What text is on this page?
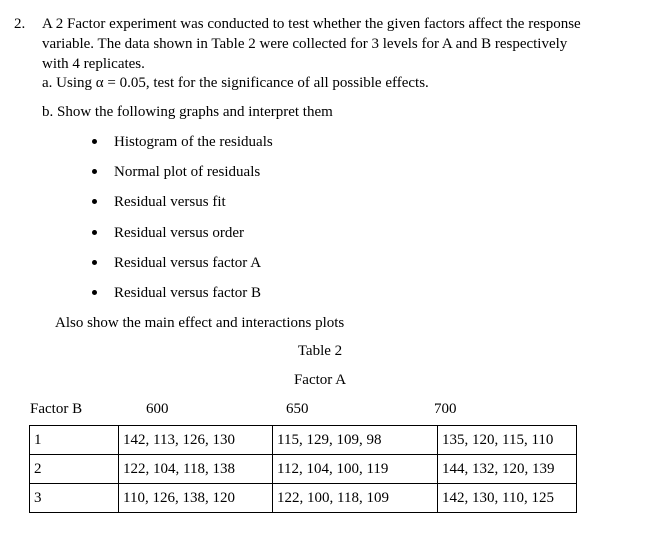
2. A 2 Factor experiment was conducted to test whether the given factors affect the response
variable. The data shown in Table 2 were collected for 3 levels for A and B respectively
with 4 replicates.
a. Using α = 0.05, test for the significance of all possible effects.
b. Show the following graphs and interpret them
Histogram of the residuals
Normal plot of residuals
Residual versus fit
Residual versus order
Residual versus factor A
Residual versus factor B
Also show the main effect and interactions plots
Table 2
Factor A
Factor B	600	650	700
1	142, 113, 126, 130	115, 129, 109, 98	135, 120, 115, 110
2	122, 104, 118, 138	112, 104, 100, 119	144, 132, 120, 139
3	110, 126, 138, 120	122, 100, 118, 109	142, 130, 110, 125
